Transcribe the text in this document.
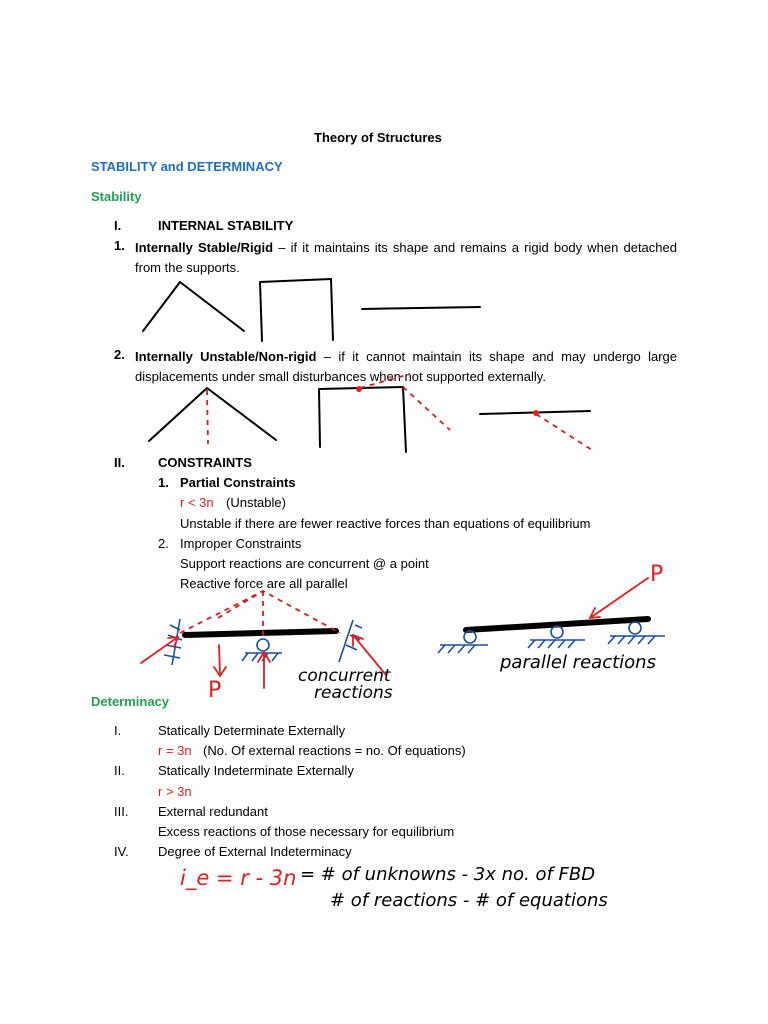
Theory of Structures
STABILITY and DETERMINACY
Stability
I.	INTERNAL STABILITY
1. Internally Stable/Rigid – if it maintains its shape and remains a rigid body when detached from the supports.
2. Internally Unstable/Non-rigid – if it cannot maintain its shape and may undergo large displacements under small disturbances when not supported externally.
II.	CONSTRAINTS
1. Partial Constraints
r < 3n (Unstable)
Unstable if there are fewer reactive forces than equations of equilibrium
2. Improper Constraints
Support reactions are concurrent @ a point
Reactive force are all parallel
Determinacy
I.	Statically Determinate Externally
r = 3n (No. Of external reactions = no. Of equations)
II.	Statically Indeterminate Externally
r > 3n
III. External redundant
Excess reactions of those necessary for equilibrium
IV. Degree of External Indeterminacy
P
concurrent
reactions
parallel reactions
P
i_e = r - 3n = # of unknowns - 3x no. of FBD
# of reactions - # of equations
